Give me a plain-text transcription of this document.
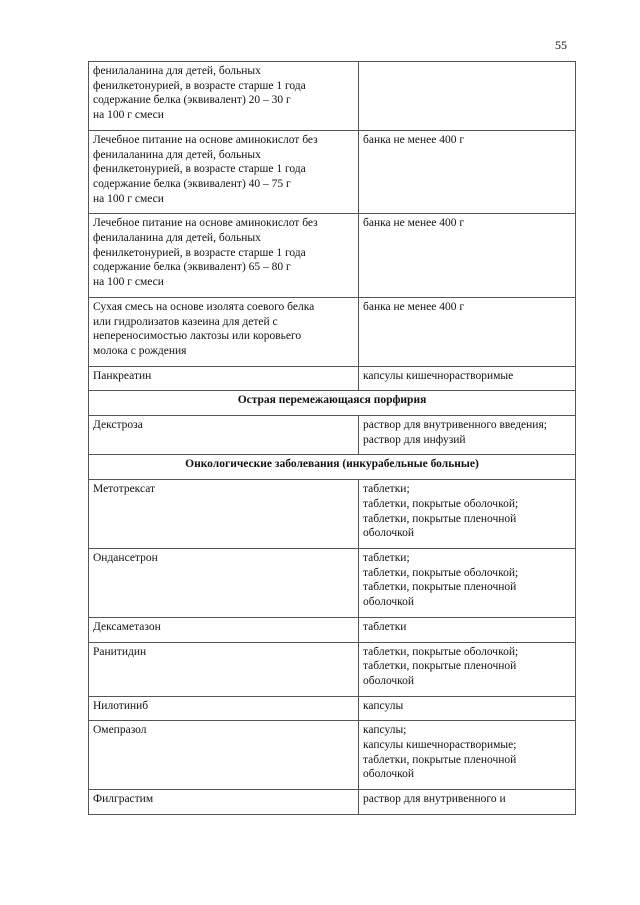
55
фенилаланина для детей, больных
фенилкетонурией, в возрасте старше 1 года
содержание белка (эквивалент) 20 – 30 г
на 100 г смеси	

Лечебное питание на основе аминокислот без
фенилаланина для детей, больных
фенилкетонурией, в возрасте старше 1 года
содержание белка (эквивалент) 40 – 75 г
на 100 г смеси	банка не менее 400 г

Лечебное питание на основе аминокислот без
фенилаланина для детей, больных
фенилкетонурией, в возрасте старше 1 года
содержание белка (эквивалент) 65 – 80 г
на 100 г смеси	банка не менее 400 г

Сухая смесь на основе изолята соевого белка
или гидролизатов казеина для детей с
непереносимостью лактозы или коровьего
молока с рождения	банка не менее 400 г

Панкреатин	капсулы кишечнорастворимые

Острая перемежающаяся порфирия	

Декстроза	раствор для внутривенного введения;
раствор для инфузий

Онкологические заболевания (инкурабельные больные)	

Метотрексат	таблетки;
таблетки, покрытые оболочкой;
таблетки, покрытые пленочной
оболочкой

Ондансетрон	таблетки;
таблетки, покрытые оболочкой;
таблетки, покрытые пленочной
оболочкой

Дексаметазон	таблетки

Ранитидин	таблетки, покрытые оболочкой;
таблетки, покрытые пленочной
оболочкой

Нилотиниб	капсулы

Омепразол	капсулы;
капсулы кишечнорастворимые;
таблетки, покрытые пленочной
оболочкой

Филграстим	раствор для внутривенного и
